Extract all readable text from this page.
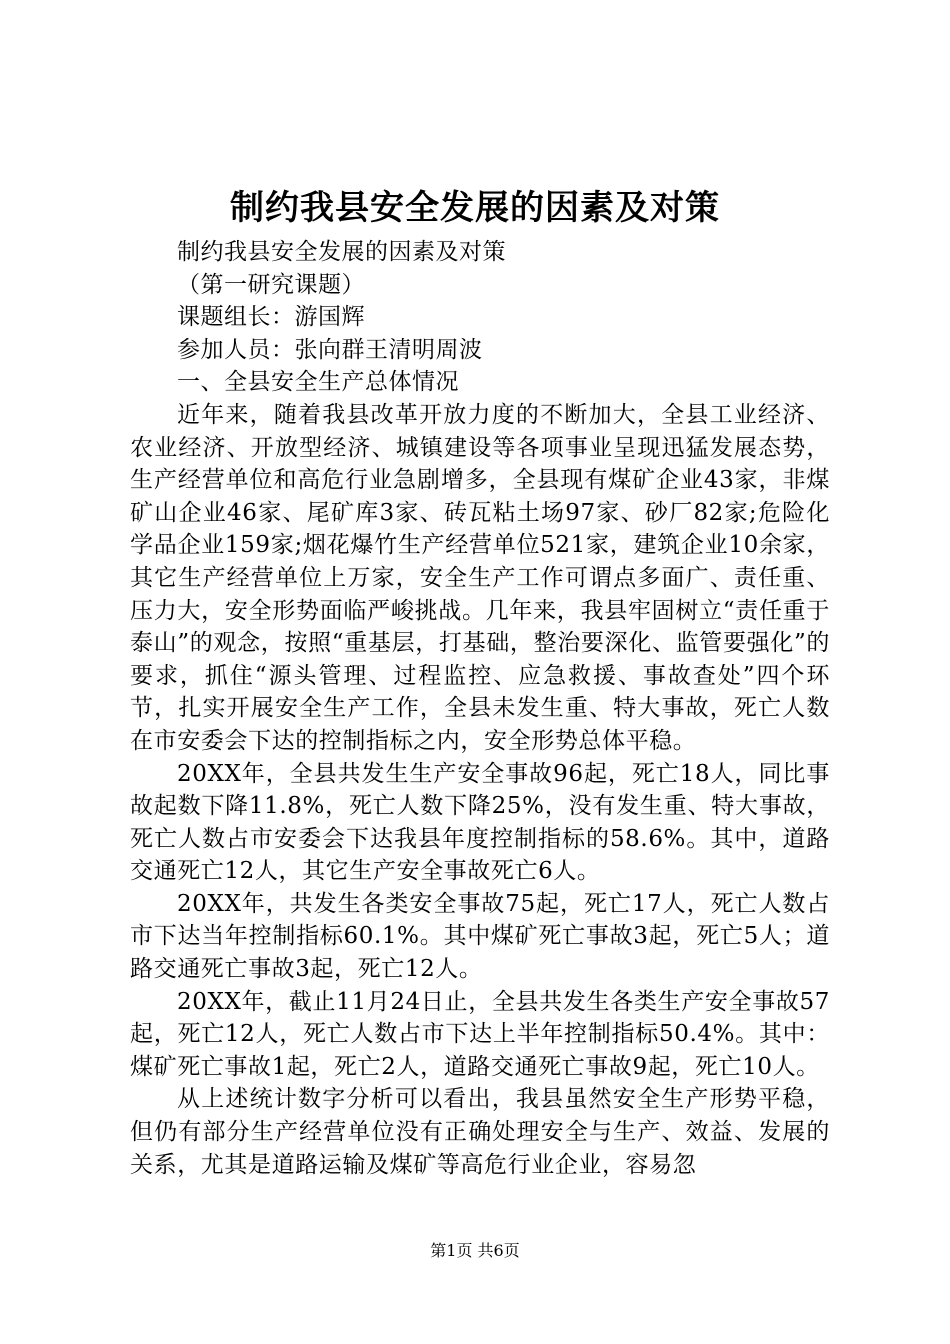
制约我县安全发展的因素及对策
制约我县安全发展的因素及对策
（第一研究课题）
课题组长：游国辉
参加人员：张向群王清明周波
一、全县安全生产总体情况

近年来，随着我县改革开放力度的不断加大，全县工业经济、农业经济、开放型经济、城镇建设等各项事业呈现迅猛发展态势，生产经营单位和高危行业急剧增多，全县现有煤矿企业43家，非煤矿山企业46家、尾矿库3家、砖瓦粘土场97家、砂厂82家;危险化学品企业159家;烟花爆竹生产经营单位521家，建筑企业10余家，其它生产经营单位上万家，安全生产工作可谓点多面广、责任重、压力大，安全形势面临严峻挑战。几年来，我县牢固树立“责任重于泰山”的观念，按照“重基层，打基础，整治要深化、监管要强化”的要求，抓住“源头管理、过程监控、应急救援、事故查处”四个环节，扎实开展安全生产工作，全县未发生重、特大事故，死亡人数在市安委会下达的控制指标之内，安全形势总体平稳。

20XX年，全县共发生生产安全事故96起，死亡18人，同比事故起数下降11.8%，死亡人数下降25%，没有发生重、特大事故，死亡人数占市安委会下达我县年度控制指标的58.6%。其中，道路交通死亡12人，其它生产安全事故死亡6人。

20XX年，共发生各类安全事故75起，死亡17人，死亡人数占市下达当年控制指标60.1%。其中煤矿死亡事故3起，死亡5人；道路交通死亡事故3起，死亡12人。

20XX年，截止11月24日止，全县共发生各类生产安全事故57起，死亡12人，死亡人数占市下达上半年控制指标50.4%。其中：煤矿死亡事故1起，死亡2人，道路交通死亡事故9起，死亡10人。

从上述统计数字分析可以看出，我县虽然安全生产形势平稳，但仍有部分生产经营单位没有正确处理安全与生产、效益、发展的关系，尤其是道路运输及煤矿等高危行业企业，容易忽

第1页 共6页
